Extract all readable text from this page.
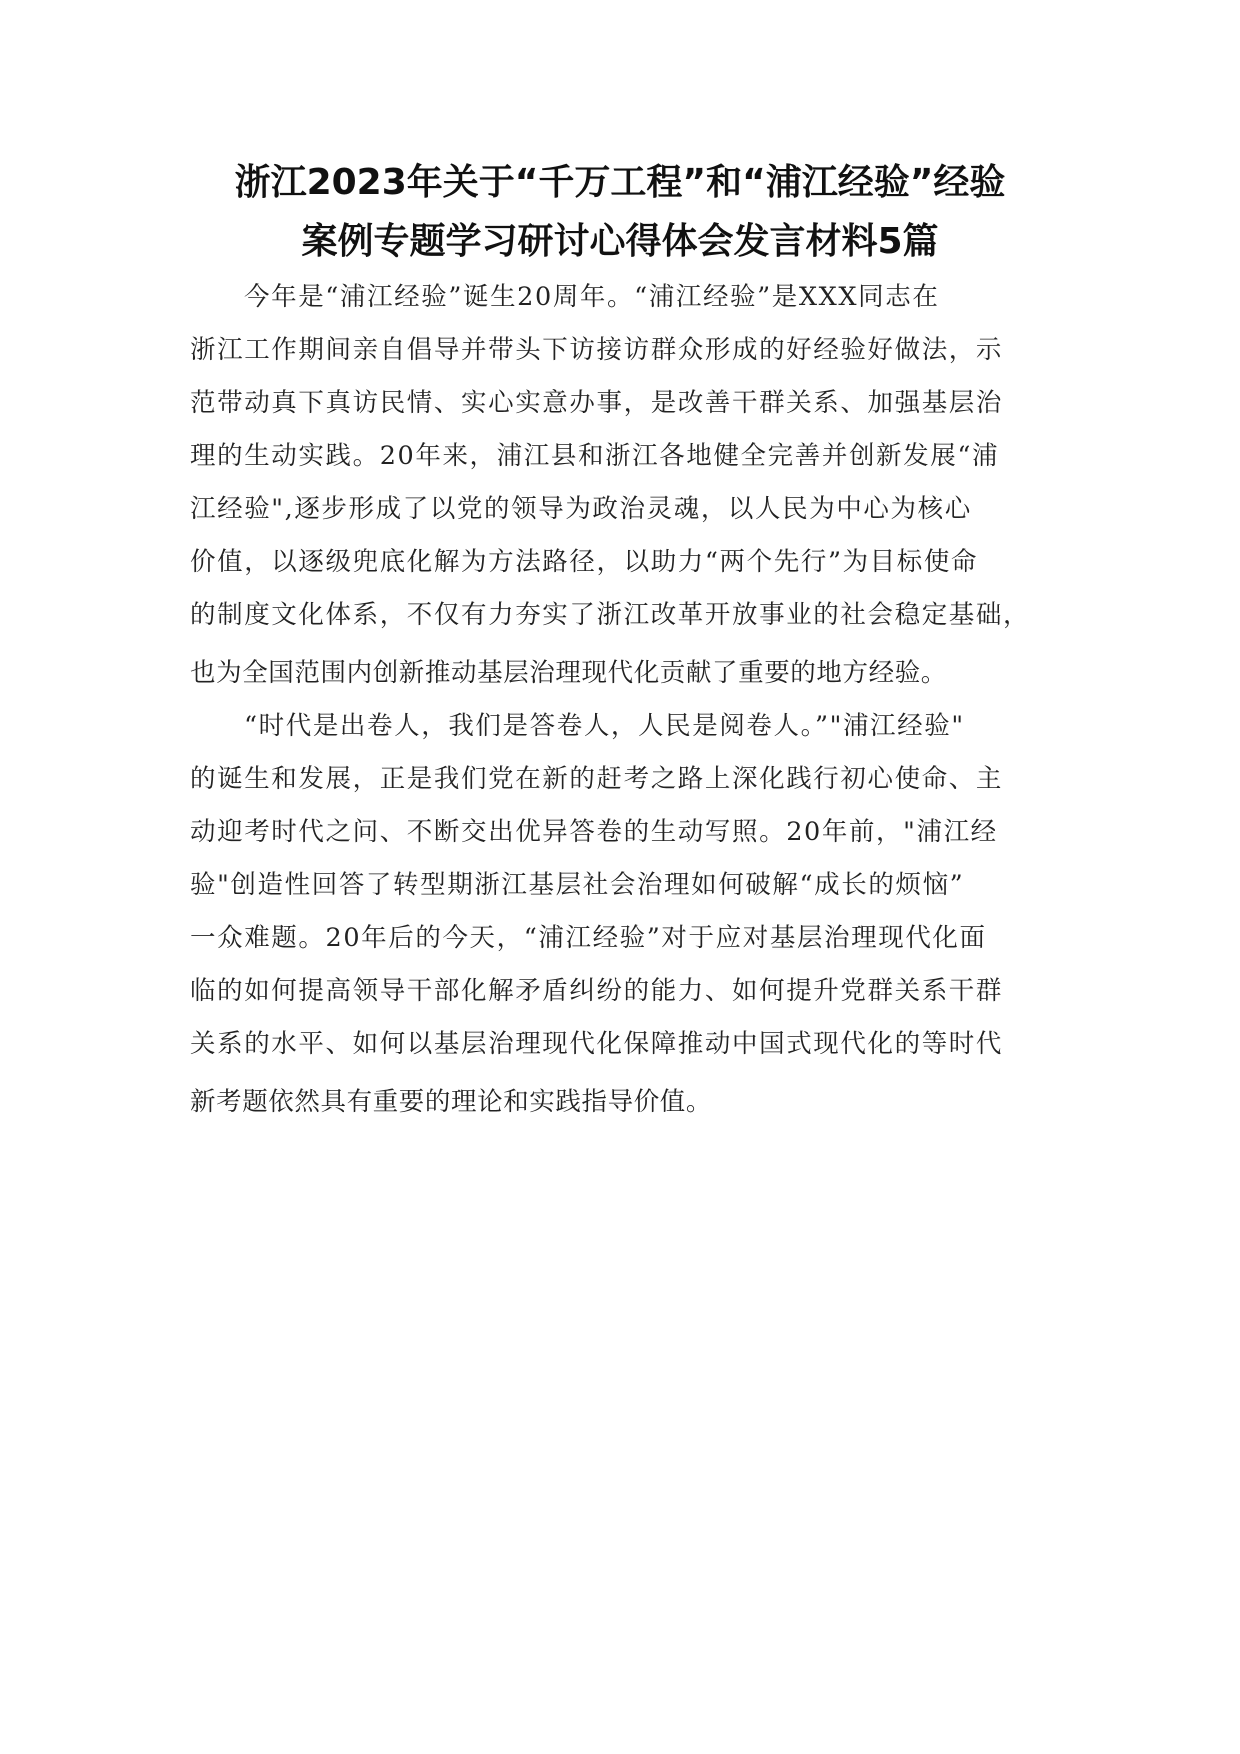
浙江2023年关于“千万工程”和“浦江经验”经验
案例专题学习研讨心得体会发言材料5篇

今年是“浦江经验”诞生20周年。“浦江经验”是XXX同志在

浙江工作期间亲自倡导并带头下访接访群众形成的好经验好做法，示

范带动真下真访民情、实心实意办事，是改善干群关系、加强基层治

理的生动实践。20年来，浦江县和浙江各地健全完善并创新发展“浦

江经验",逐步形成了以党的领导为政治灵魂，以人民为中心为核心

价值，以逐级兜底化解为方法路径，以助力“两个先行”为目标使命

的制度文化体系，不仅有力夯实了浙江改革开放事业的社会稳定基础，

也为全国范围内创新推动基层治理现代化贡献了重要的地方经验。

“时代是出卷人，我们是答卷人，人民是阅卷人。”"浦江经验"

的诞生和发展，正是我们党在新的赶考之路上深化践行初心使命、主

动迎考时代之问、不断交出优异答卷的生动写照。20年前，"浦江经

验"创造性回答了转型期浙江基层社会治理如何破解“成长的烦恼”

一众难题。20年后的今天，“浦江经验”对于应对基层治理现代化面

临的如何提高领导干部化解矛盾纠纷的能力、如何提升党群关系干群

关系的水平、如何以基层治理现代化保障推动中国式现代化的等时代

新考题依然具有重要的理论和实践指导价值。
